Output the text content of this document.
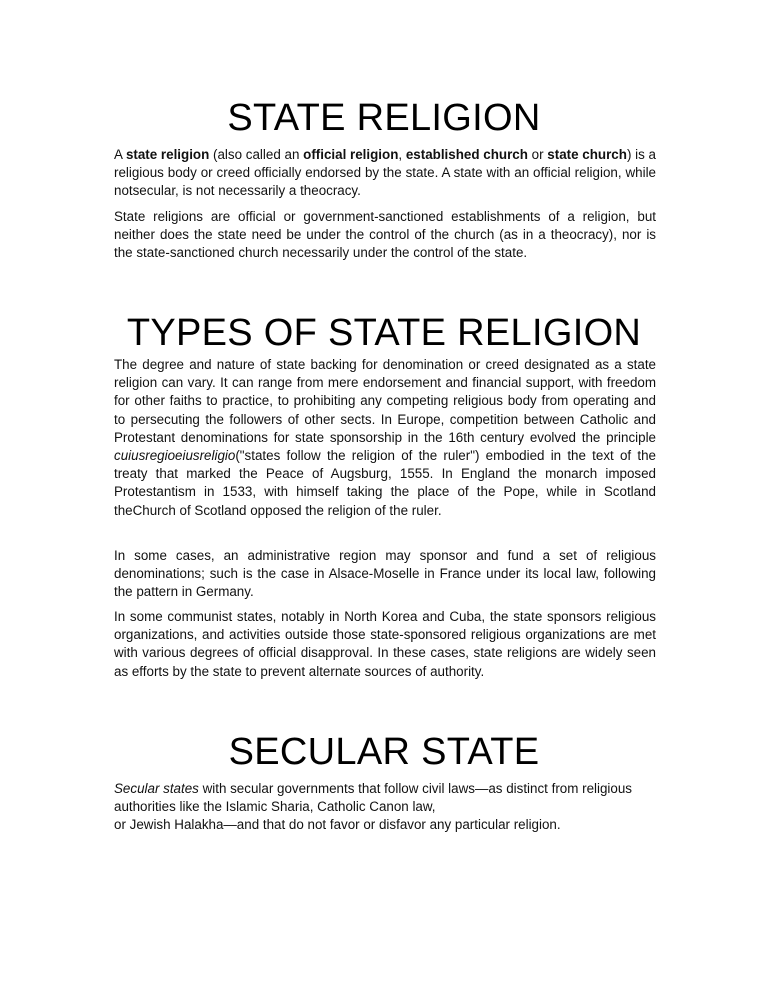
STATE RELIGION

A state religion (also called an official religion, established church or state church) is a religious body or creed officially endorsed by the state. A state with an official religion, while notsecular, is not necessarily a theocracy.

State religions are official or government-sanctioned establishments of a religion, but neither does the state need be under the control of the church (as in a theocracy), nor is the state-sanctioned church necessarily under the control of the state.

TYPES OF STATE RELIGION

The degree and nature of state backing for denomination or creed designated as a state religion can vary. It can range from mere endorsement and financial support, with freedom for other faiths to practice, to prohibiting any competing religious body from operating and to persecuting the followers of other sects. In Europe, competition between Catholic and Protestant denominations for state sponsorship in the 16th century evolved the principle cuiusregioeiusreligio("states follow the religion of the ruler") embodied in the text of the treaty that marked the Peace of Augsburg, 1555. In England the monarch imposed Protestantism in 1533, with himself taking the place of the Pope, while in Scotland theChurch of Scotland opposed the religion of the ruler.

In some cases, an administrative region may sponsor and fund a set of religious denominations; such is the case in Alsace-Moselle in France under its local law, following the pattern in Germany.

In some communist states, notably in North Korea and Cuba, the state sponsors religious organizations, and activities outside those state-sponsored religious organizations are met with various degrees of official disapproval. In these cases, state religions are widely seen as efforts by the state to prevent alternate sources of authority.

SECULAR STATE

Secular states with secular governments that follow civil laws—as distinct from religious authorities like the Islamic Sharia, Catholic Canon law,
or Jewish Halakha—and that do not favor or disfavor any particular religion.
